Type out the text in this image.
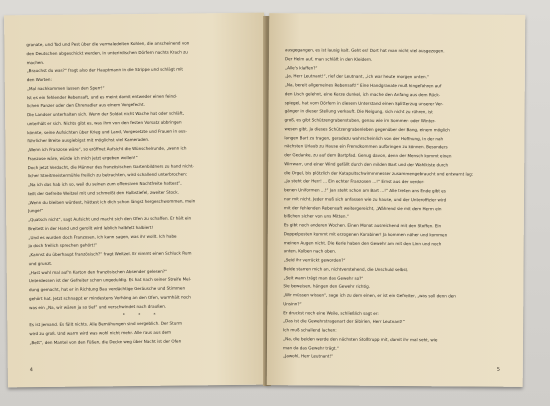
granate, und Tod und Pest über die vermaledeiten Kohlen, die anscheinend von
den Deutschen abgeschickt werden, in unterirdischen Dörfern nachts Krach zu
machen.
„Brauchst du was?“ fragt also der Hauptmann in die Strippe und schlägt mit
den Worten:
„Mal nachkommen lassen den Sperr!“
Ist es ein fehlender Rebensaft, und es meint damit entweder einen feind-
lichen Panzer oder den Ehrenadler aus einem Vorgefecht.
Die Landser unterhalten sich. Wenn der Soldat nicht Wache hat oder schläft,
unterhält er sich. Nichts gibt es, was ihm von den festen Vorsatz abbringen
könnte, seine Aufsichten über Krieg und Land, Vorgesetzte und Frauen in aus-
führlicher Breite ausgiebigst mit möglichst viel Kameraden.
„Wenn ich Franzose wäre“, so eröffnet Aufsicht die Wünschelrunde, „wenn ich
Franzose wäre, würde ich mich jetzt ergeben wollen!“
Doch jetzt Verdacht, die Männer des französischen Gartenbildners zu hand nicht-
licher Streitmeistermühle freilich zu betrachten, wird schallend unterbrochen:
„Na ich das hab ich so, weil du seinen zum offensiven Nachtfreite hattest“,
teilt der Gefreite Weitzel mit und schmeißt den Halbstiefel, zweiter Stock.
„Wenn du bleiben würdest, hättest ich dich schon längst hergeschwommen, mein
Junge!“
„Quatsch nicht“, sagt Aufsicht und macht sich den Ofen zu schaffen. Er hält ein
Breitett in der Hand und gerollt wird leblich halbfett halbiert!
„Und es wurden doch Franzosen, ich kann sagen, was ihr wollt. Ich habe
ja doch freilich sprechen gehört!“
„Kannst du überhaupt französisch?“ fragt Weitzel. Er nimmt einen Schluck Rum
und grunzt.
„Hast wohl mal auf'n Karton den französischen Absender gelesen?“
Unterdessen ist der Gefreiter schon ungeduldig. Es hat nach seiner Streife Mel-
dung gemacht, hat er in Richtung Bau verdächtige Geräusche und Stimmen
gehört hat. Jetzt schnappt er mindestens Vorhäng an den Ofen, warmhält noch
was ein „Na, wir wären ja so tief“ und verschwindet nach draußen.
* * *
Es ist jemand. Es fällt nichts. Alle Bemühungen sind vergeblich. Der Sturm
wird zu groß. Und warm wird was wohl nicht mehr. Alle raus aus dem
„Bett“, den Mantel von den Füßen, die Decke weg über Nacht ist der Ofen
4
ausgegangen, es ist lausig kalt. Geht es! Dort hat man nicht viel ausgezogen.
Der Helm auf, man schläft in den Kleidern.
„Alle's klaffen?“
„Ja, Herr Leutnant!“, rief der Leutnant, „ich war heute morgen unten.“
„Na, bereit allgemeines Rebensaft!“ Eine Handgranate muß hingefahren auf
den Lisch gelehnt, eine Kerze dunkel, ich mache den Anfang aus dem Rück-
spiegel, hat vom Dörfern in diesem Unterstand einen Splitterzug unserer Ver-
gänger in dieser Stellung verkauft. Die Neigung, sich nicht zu rühren, ist
groß, es gibt Schützengrabenstuben, genau wie im Sommer- oder Winter-
wesen gibt. Ja dieses Schützengrabenleben gegenüber der Bang, einem möglich
langen Bart zu tragen, geradezu wahrscheinlich von der Hoffnung, in der nah
nächsten Urlaub zu Hause ein Fremdkommen aufbringen zu können. Besonders
der Gedanke, zu auf dem Bartpfad. Genug davon, denn der Mensch kommt einen
Wirrwarr, und einer Wind gefällt durch den milden Bart und der Wahlkiste durch
die Orgel, bis plötzlich der Katapultschwimmmesser zusammengebraucht und entwarnt lag:
„Ja steht der Herr! ... Ein echter Franzosen ...!“ Ernst aus der verdor-
benen Uniformen ...!“ Jan steht schon am Bart ...!“ Alle treten ans Ende gibt es
nur mit nicht. Jeder muß sich anfassen wie zu hause, und der Unteroffizier wird
mit der fehlenden Rebensaft weitergereicht, „Während sie mit dem Herrn ein
bißchen sicher von uns Mitten.“
Es gibt noch anderen Wochen. Einen Monat ausreichend mit den Stoffen. Ein
Doppelposten kommt mit erzogenen Karabiner! Ja kommen näher und kommen
meinen Augen nicht. Die Kerle haben den Gewehr am mit den Linn und noch
unten, Kolben nach oben.
„Seid ihr verrückt geworden?“
Beide starren mich an, nichtverstehend, die Unschuld selbst.
„Seit wann trägt man das Gewehr so?“
Sie beweisen, hängen den Gewehr richtig.
„Wir müssen wissen“, sage ich zu dem einen, er ist ein Gefreiter, „was soll denn den
Unsinn?“
Er druckst noch eine Weile, schließlich sagt er:
„Das ist die Gewehrstragenart der Sibirien, Herr Leutnant!“
Ich muß schallend lachen:
„Na, die beiden werde den nächsten Stoßtrupp mit, damit ihr mal seht, wie
man da das Gewehr trägt.“
„Jawohl, Herr Leutnant!“
5
